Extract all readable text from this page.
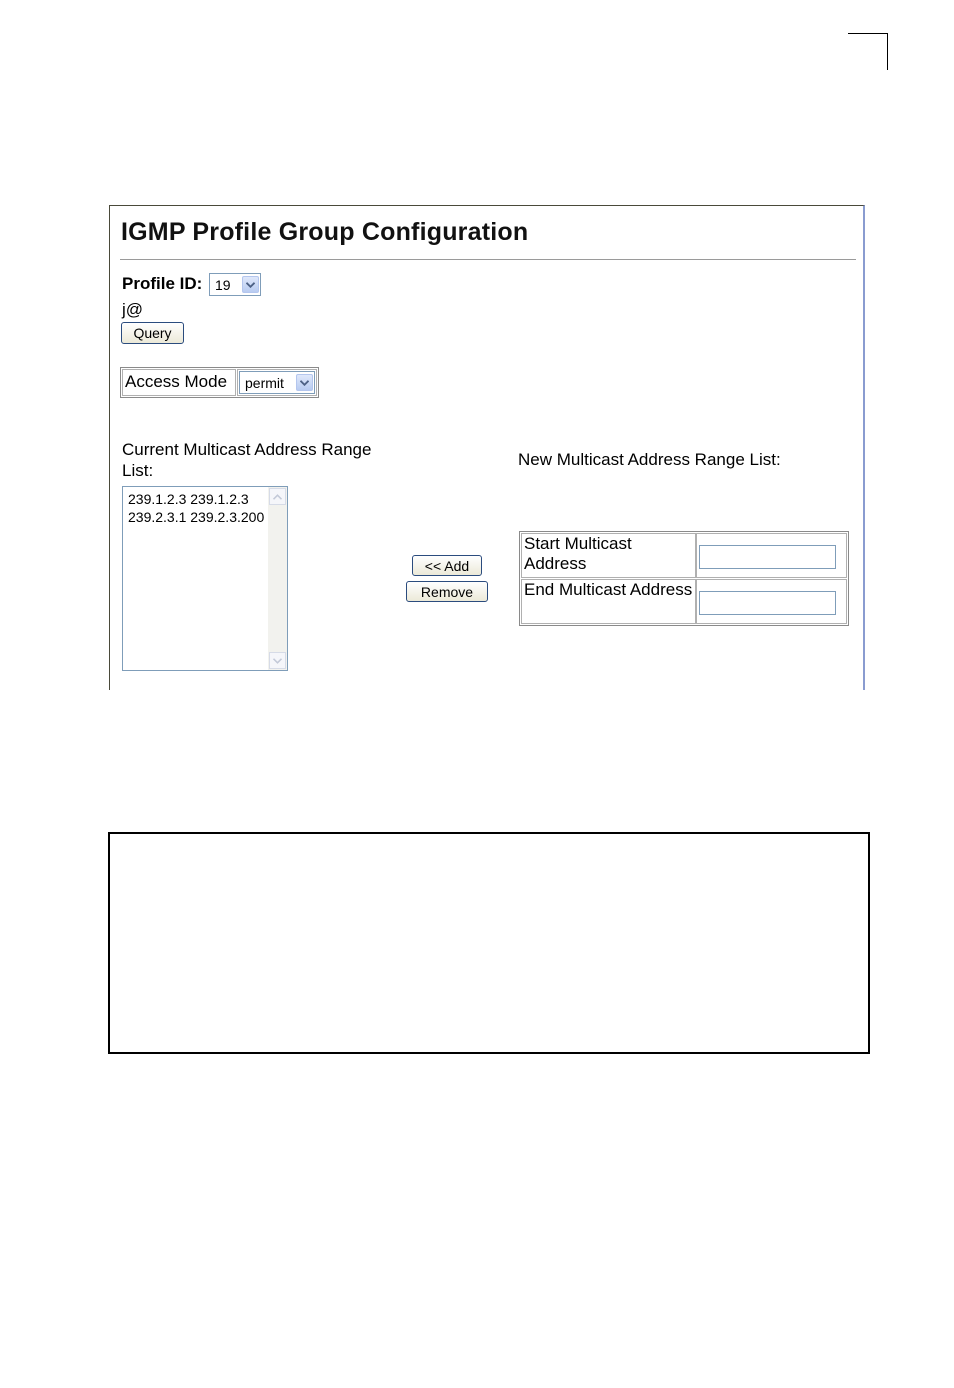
IGMP Profile Group Configuration
Profile ID: 19
j@
Query
Access Mode	permit
Current Multicast Address Range List:
239.1.2.3 239.1.2.3
239.2.3.1 239.2.3.200
<< Add
Remove
New Multicast Address Range List:
Start Multicast Address
End Multicast Address
